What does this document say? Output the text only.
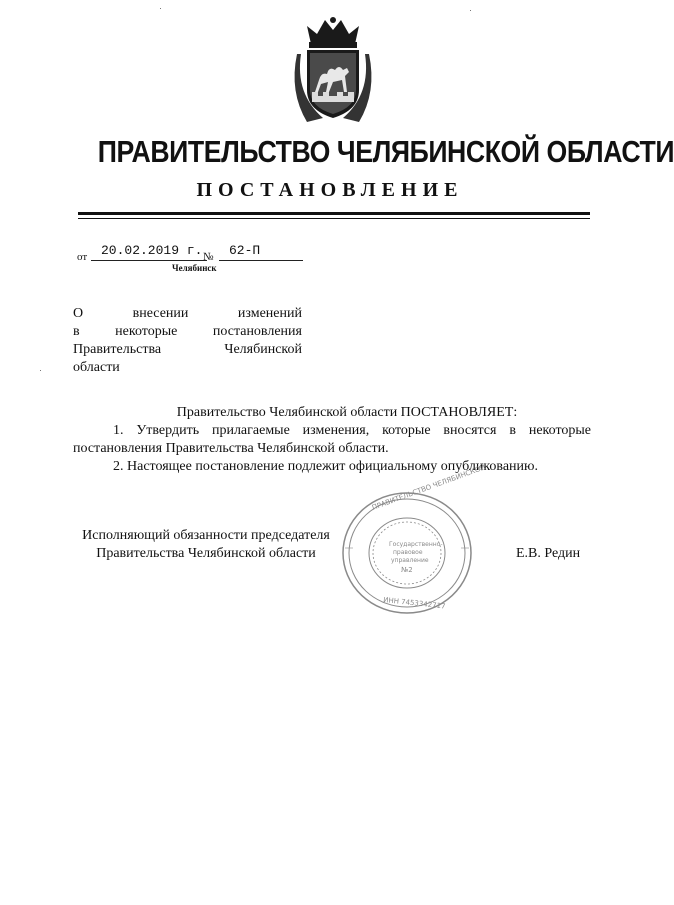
ПРАВИТЕЛЬСТВО ЧЕЛЯБИНСКОЙ ОБЛАСТИ
ПОСТАНОВЛЕНИЕ
от	20.02.2019 г. №	62-П
Челябинск
О внесении изменений
в некоторые постановления
Правительства Челябинской
области

Правительство Челябинской области ПОСТАНОВЛЯЕТ:

1. Утвердить прилагаемые изменения, которые вносятся в некоторые постановления Правительства Челябинской области.

2. Настоящее постановление подлежит официальному опубликованию.

Исполняющий обязанности председателя
Правительства Челябинской области	Е.В. Редин
ПРАВИТЕЛЬСТВО ЧЕЛЯБИНСКОЙ
ИНН 7453342717
Государственно-
правовое
управление
№2
